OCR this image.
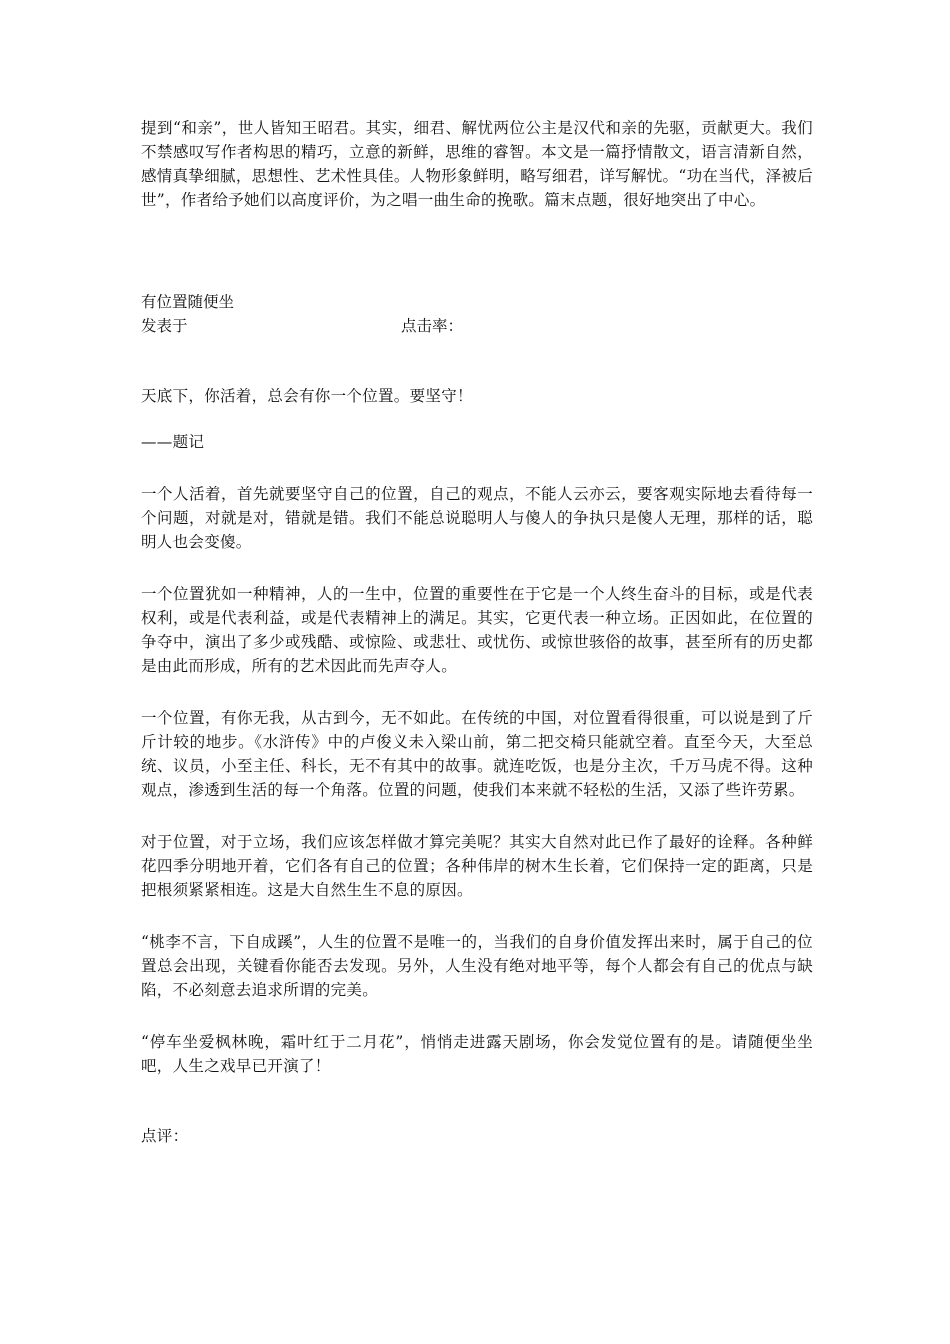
提到“和亲”，世人皆知王昭君。其实，细君、解忧两位公主是汉代和亲的先驱，贡献更大。我们不禁感叹写作者构思的精巧，立意的新鲜，思维的睿智。本文是一篇抒情散文，语言清新自然，感情真挚细腻，思想性、艺术性具佳。人物形象鲜明，略写细君，详写解忧。“功在当代，泽被后世”，作者给予她们以高度评价，为之唱一曲生命的挽歌。篇末点题，很好地突出了中心。

有位置随便坐

发表于	点击率：

天底下，你活着，总会有你一个位置。要坚守！

——题记

一个人活着，首先就要坚守自己的位置，自己的观点，不能人云亦云，要客观实际地去看待每一个问题，对就是对，错就是错。我们不能总说聪明人与傻人的争执只是傻人无理，那样的话，聪明人也会变傻。

一个位置犹如一种精神，人的一生中，位置的重要性在于它是一个人终生奋斗的目标，或是代表权利，或是代表利益，或是代表精神上的满足。其实，它更代表一种立场。正因如此，在位置的争夺中，演出了多少或残酷、或惊险、或悲壮、或忧伤、或惊世骇俗的故事，甚至所有的历史都是由此而形成，所有的艺术因此而先声夺人。

一个位置，有你无我，从古到今，无不如此。在传统的中国，对位置看得很重，可以说是到了斤斤计较的地步。《水浒传》中的卢俊义未入梁山前，第二把交椅只能就空着。直至今天，大至总统、议员，小至主任、科长，无不有其中的故事。就连吃饭，也是分主次，千万马虎不得。这种观点，渗透到生活的每一个角落。位置的问题，使我们本来就不轻松的生活，又添了些许劳累。

对于位置，对于立场，我们应该怎样做才算完美呢？其实大自然对此已作了最好的诠释。各种鲜花四季分明地开着，它们各有自己的位置；各种伟岸的树木生长着，它们保持一定的距离，只是把根须紧紧相连。这是大自然生生不息的原因。

“桃李不言，下自成蹊”，人生的位置不是唯一的，当我们的自身价值发挥出来时，属于自己的位置总会出现，关键看你能否去发现。另外，人生没有绝对地平等，每个人都会有自己的优点与缺陷，不必刻意去追求所谓的完美。

“停车坐爱枫林晚，霜叶红于二月花”，悄悄走进露天剧场，你会发觉位置有的是。请随便坐坐吧，人生之戏早已开演了！

点评：
